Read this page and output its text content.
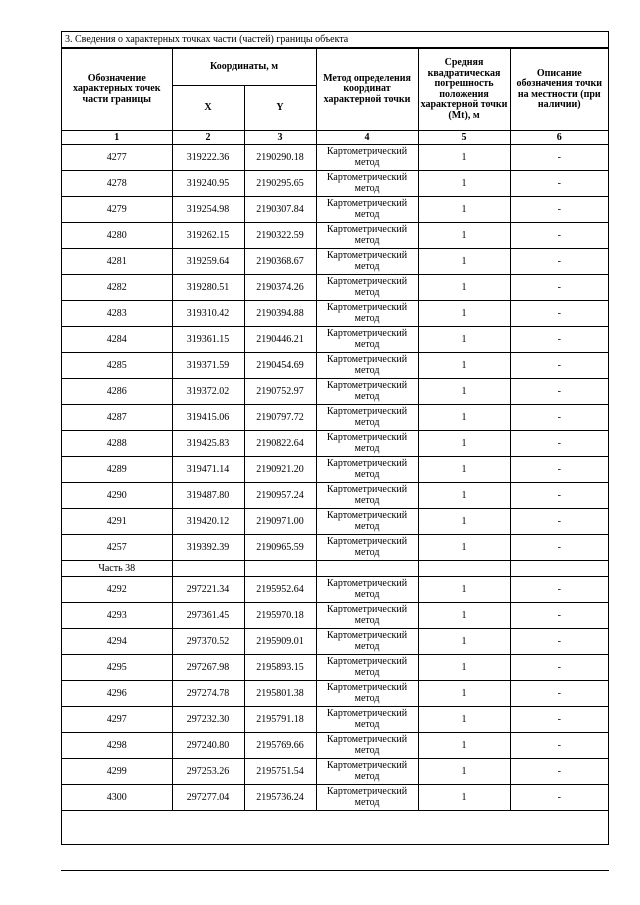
3. Сведения о характерных точках части (частей) границы объекта
Обозначение характерных точек части границы	Координаты, м		Метод определения координат характерной точки	Средняя квадратическая погрешность положения характерной точки (Mt), м	Описание обозначения точки на местности (при наличии)
	X	Y			
1	2	3	4	5	6
4277	319222.36	2190290.18	Картометрический метод	1	-
4278	319240.95	2190295.65	Картометрический метод	1	-
4279	319254.98	2190307.84	Картометрический метод	1	-
4280	319262.15	2190322.59	Картометрический метод	1	-
4281	319259.64	2190368.67	Картометрический метод	1	-
4282	319280.51	2190374.26	Картометрический метод	1	-
4283	319310.42	2190394.88	Картометрический метод	1	-
4284	319361.15	2190446.21	Картометрический метод	1	-
4285	319371.59	2190454.69	Картометрический метод	1	-
4286	319372.02	2190752.97	Картометрический метод	1	-
4287	319415.06	2190797.72	Картометрический метод	1	-
4288	319425.83	2190822.64	Картометрический метод	1	-
4289	319471.14	2190921.20	Картометрический метод	1	-
4290	319487.80	2190957.24	Картометрический метод	1	-
4291	319420.12	2190971.00	Картометрический метод	1	-
4257	319392.39	2190965.59	Картометрический метод	1	-
Часть 38					
4292	297221.34	2195952.64	Картометрический метод	1	-
4293	297361.45	2195970.18	Картометрический метод	1	-
4294	297370.52	2195909.01	Картометрический метод	1	-
4295	297267.98	2195893.15	Картометрический метод	1	-
4296	297274.78	2195801.38	Картометрический метод	1	-
4297	297232.30	2195791.18	Картометрический метод	1	-
4298	297240.80	2195769.66	Картометрический метод	1	-
4299	297253.26	2195751.54	Картометрический метод	1	-
4300	297277.04	2195736.24	Картометрический метод	1	-
